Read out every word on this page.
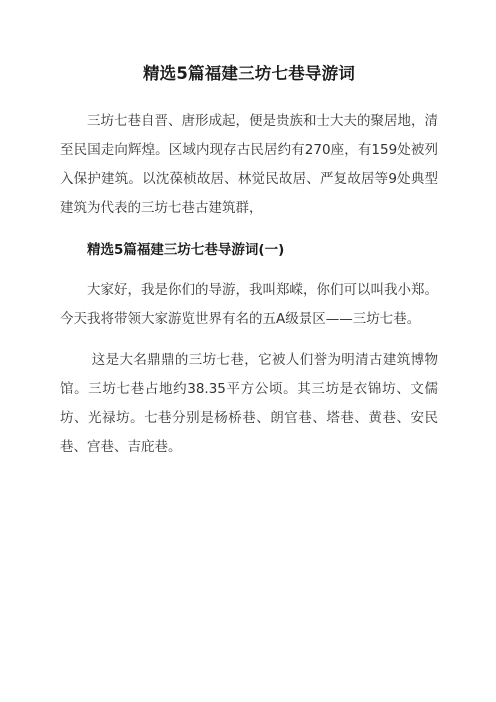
精选5篇福建三坊七巷导游词

三坊七巷自晋、唐形成起，便是贵族和士大夫的聚居地，清至民国走向辉煌。区域内现存古民居约有270座，有159处被列入保护建筑。以沈葆桢故居、林觉民故居、严复故居等9处典型建筑为代表的三坊七巷古建筑群，

精选5篇福建三坊七巷导游词(一)

大家好，我是你们的导游，我叫郑嵘，你们可以叫我小郑。今天我将带领大家游览世界有名的五A级景区——三坊七巷。

这是大名鼎鼎的三坊七巷，它被人们誉为明清古建筑博物馆。三坊七巷占地约38.35平方公顷。其三坊是衣锦坊、文儒坊、光禄坊。七巷分别是杨桥巷、朗官巷、塔巷、黄巷、安民巷、宫巷、吉庇巷。
